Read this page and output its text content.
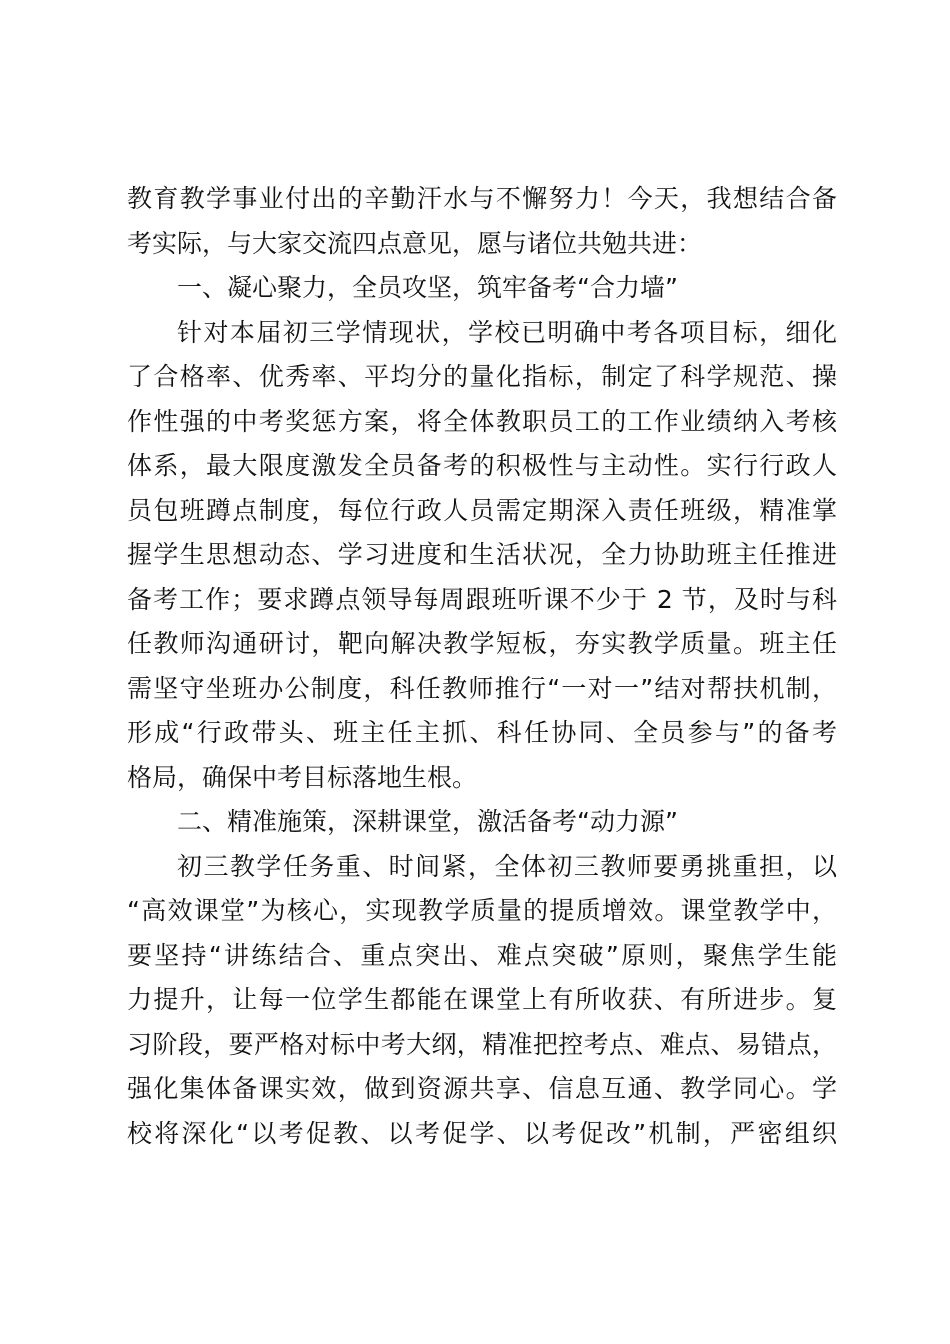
教育教学事业付出的辛勤汗水与不懈努力！今天，我想结合备
考实际，与大家交流四点意见，愿与诸位共勉共进：
一、凝心聚力，全员攻坚，筑牢备考“合力墙”
针对本届初三学情现状，学校已明确中考各项目标，细化
了合格率、优秀率、平均分的量化指标，制定了科学规范、操
作性强的中考奖惩方案，将全体教职员工的工作业绩纳入考核
体系，最大限度激发全员备考的积极性与主动性。实行行政人
员包班蹲点制度，每位行政人员需定期深入责任班级，精准掌
握学生思想动态、学习进度和生活状况，全力协助班主任推进
备考工作；要求蹲点领导每周跟班听课不少于 2 节，及时与科
任教师沟通研讨，靶向解决教学短板，夯实教学质量。班主任
需坚守坐班办公制度，科任教师推行“一对一”结对帮扶机制，
形成“行政带头、班主任主抓、科任协同、全员参与”的备考
格局，确保中考目标落地生根。
二、精准施策，深耕课堂，激活备考“动力源”
初三教学任务重、时间紧，全体初三教师要勇挑重担，以
“高效课堂”为核心，实现教学质量的提质增效。课堂教学中，
要坚持“讲练结合、重点突出、难点突破”原则，聚焦学生能
力提升，让每一位学生都能在课堂上有所收获、有所进步。复
习阶段，要严格对标中考大纲，精准把控考点、难点、易错点，
强化集体备课实效，做到资源共享、信息互通、教学同心。学
校将深化“以考促教、以考促学、以考促改”机制，严密组织
